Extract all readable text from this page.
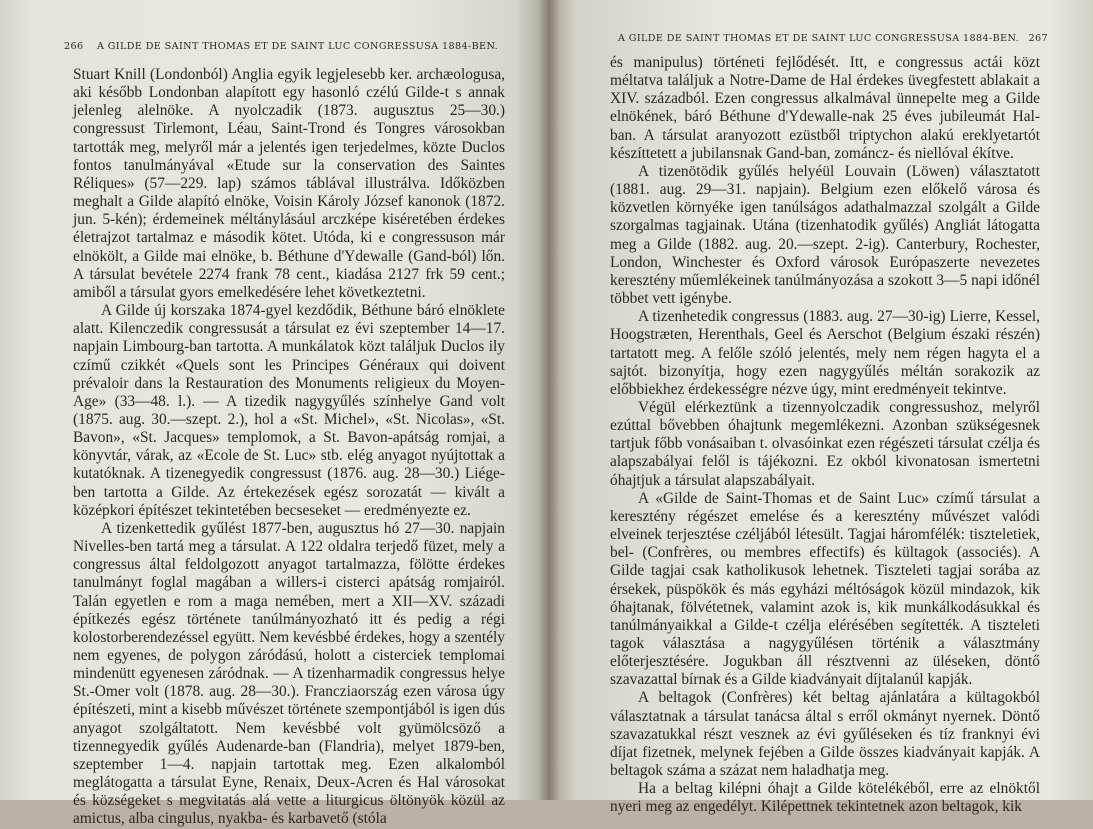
266 A GILDE DE SAINT THOMAS ET DE SAINT LUC CONGRESSUSA 1884-BEN.

Stuart Knill (Londonból) Anglia egyik legjelesebb ker. archæologusa, aki később Londonban alapított egy hasonló czélú Gilde-t s annak jelenleg alelnöke. A nyolczadik (1873. augusztus 25—30.) congressust Tirlemont, Léau, Saint-Trond és Tongres városokban tartották meg, melyről már a jelentés igen terjedelmes, közte Duclos fontos tanulmányával «Etude sur la conservation des Saintes Réliques» (57—229. lap) számos táblával illustrálva. Időközben meghalt a Gilde alapító elnöke, Voisin Károly József kanonok (1872. jun. 5-kén); érdemeinek méltánylásául arczképe kiséretében érdekes életrajzot tartalmaz e második kötet. Utóda, ki e congressuson már elnökölt, a Gilde mai elnöke, b. Béthune d'Ydewalle (Gand-ból) lőn. A társulat bevétele 2274 frank 78 cent., kiadása 2127 frk 59 cent.; amiből a társulat gyors emelkedésére lehet következtetni.

A Gilde új korszaka 1874-gyel kezdődik, Béthune báró elnöklete alatt. Kilenczedik congressusát a társulat ez évi szeptember 14—17. napjain Limbourg-ban tartotta. A munkálatok közt találjuk Duclos ily czímű czikkét «Quels sont les Principes Généraux qui doivent prévaloir dans la Restauration des Monuments religieux du Moyen-Age» (33—48. l.). — A tizedik nagygyűlés színhelye Gand volt (1875. aug. 30.—szept. 2.), hol a «St. Michel», «St. Nicolas», «St. Bavon», «St. Jacques» templomok, a St. Bavon-apátság romjai, a könyvtár, várak, az «Ecole de St. Luc» stb. elég anyagot nyújtottak a kutatóknak. A tizenegyedik congressust (1876. aug. 28—30.) Liége-ben tartotta a Gilde. Az értekezések egész sorozatát — kivált a középkori építészet tekintetében becseseket — eredményezte ez.

A tizenkettedik gyűlést 1877-ben, augusztus hó 27—30. napjain Nivelles-ben tartá meg a társulat. A 122 oldalra terjedő füzet, mely a congressus által feldolgozott anyagot tartalmazza, fölötte érdekes tanulmányt foglal magában a willers-i cisterci apátság romjairól. Talán egyetlen e rom a maga nemében, mert a XII—XV. századi építkezés egész története tanúlmányozható itt és pedig a régi kolostorberendezéssel együtt. Nem kevésbbé érdekes, hogy a szentély nem egyenes, de polygon záródású, holott a cisterciek templomai mindenütt egyenesen záródnak. — A tizenharmadik congressus helye St.-Omer volt (1878. aug. 28—30.). Francziaország ezen városa úgy építészeti, mint a kisebb művészet története szempontjából is igen dús anyagot szolgáltatott. Nem kevésbbé volt gyümölcsöző a tizennegyedik gyűlés Audenarde-ban (Flandria), melyet 1879-ben, szeptember 1—4. napjain tartottak meg. Ezen alkalomból meglátogatta a társulat Eyne, Renaix, Deux-Acren és Hal városokat és községeket s megvitatás alá vette a liturgicus öltönyök közül az amictus, alba cingulus, nyakba- és karbavető (stóla

A GILDE DE SAINT THOMAS ET DE SAINT LUC CONGRESSUSA 1884-BEN. 267

és manipulus) történeti fejlődését. Itt, e congressus actái közt méltatva találjuk a Notre-Dame de Hal érdekes üvegfestett ablakait a XIV. századból. Ezen congressus alkalmával ünnepelte meg a Gilde elnökének, báró Béthune d'Ydewalle-nak 25 éves jubileumát Hal-ban. A társulat aranyozott ezüstből triptychon alakú ereklyetartót készíttetett a jubilansnak Gand-ban, zománcz- és niellóval ékítve.

A tizenötödik gyűlés helyéül Louvain (Löwen) választatott (1881. aug. 29—31. napjain). Belgium ezen előkelő városa és közvetlen környéke igen tanúlságos adathalmazzal szolgált a Gilde szorgalmas tagjainak. Utána (tizenhatodik gyűlés) Angliát látogatta meg a Gilde (1882. aug. 20.—szept. 2-ig). Canterbury, Rochester, London, Winchester és Oxford városok Európaszerte nevezetes keresztény műemlékeinek tanúlmányozása a szokott 3—5 napi időnél többet vett igénybe.

A tizenhetedik congressus (1883. aug. 27—30-ig) Lierre, Kessel, Hoogstræten, Herenthals, Geel és Aerschot (Belgium északi részén) tartatott meg. A felőle szóló jelentés, mely nem régen hagyta el a sajtót. bizonyítja, hogy ezen nagygyűlés méltán sorakozik az előbbiekhez érdekességre nézve úgy, mint eredményeit tekintve.

Végül elérkeztünk a tizennyolczadik congressushoz, melyről ezúttal bővebben óhajtunk megemlékezni. Azonban szükségesnek tartjuk főbb vonásaiban t. olvasóinkat ezen régészeti társulat czélja és alapszabályai felől is tájékozni. Ez okból kivonatosan ismertetni óhajtjuk a társulat alapszabályait.

A «Gilde de Saint-Thomas et de Saint Luc» czímű társulat a keresztény régészet emelése és a keresztény művészet valódi elveinek terjesztése czéljából létesült. Tagjai háromfélék: tiszteletiek, bel- (Confrères, ou membres effectifs) és kültagok (associés). A Gilde tagjai csak katholikusok lehetnek. Tiszteleti tagjai sorába az érsekek, püspökök és más egyházi méltóságok közül mindazok, kik óhajtanak, fölvétetnek, valamint azok is, kik munkálkodásukkal és tanúlmányaikkal a Gilde-t czélja elérésében segítették. A tiszteleti tagok választása a nagygyűlésen történik a választmány előterjesztésére. Jogukban áll résztvenni az üléseken, döntő szavazattal bírnak és a Gilde kiadványait díjtalanúl kapják.

A beltagok (Confrères) két beltag ajánlatára a kültagokból választatnak a társulat tanácsa által s erről okmányt nyernek. Döntő szavazatukkal részt vesznek az évi gyűléseken és tíz franknyi évi díjat fizetnek, melynek fejében a Gilde összes kiadványait kapják. A beltagok száma a százat nem haladhatja meg.

Ha a beltag kilépni óhajt a Gilde kötelékéből, erre az elnöktől nyeri meg az engedélyt. Kilépettnek tekintetnek azon beltagok, kik
